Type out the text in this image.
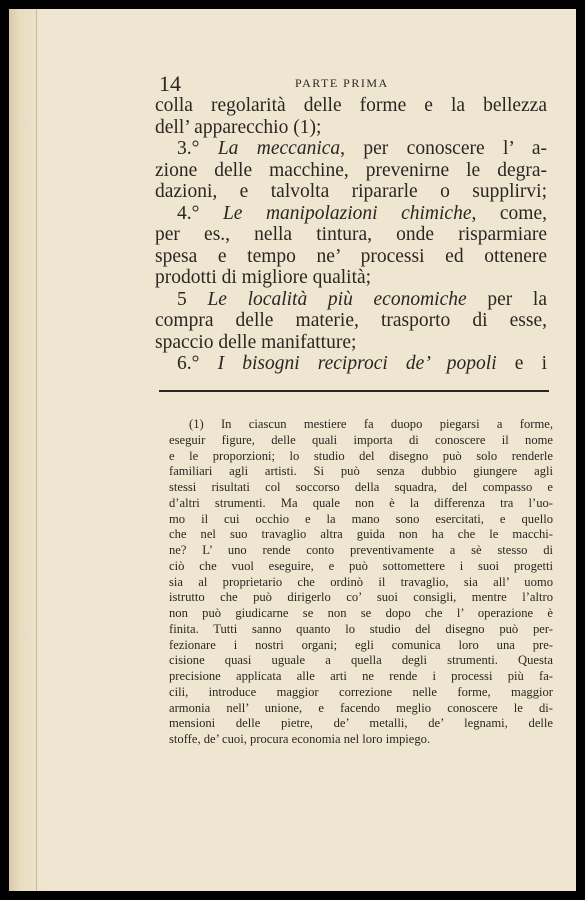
14	PARTE PRIMA
colla regolarità delle forme e la bellezza
dell’ apparecchio (1);
3.° La meccanica, per conoscere l’ a-
zione delle macchine, prevenirne le degra-
dazioni, e talvolta ripararle o supplirvi;
4.° Le manipolazioni chimiche, come,
per es., nella tintura, onde risparmiare
spesa e tempo ne’ processi ed ottenere
prodotti di migliore qualità;
5 Le località più economiche per la
compra delle materie, trasporto di esse,
spaccio delle manifatture;
6.° I bisogni reciproci de’ popoli e i
(1) In ciascun mestiere fa duopo piegarsi a forme,
eseguir figure, delle quali importa di conoscere il nome
e le proporzioni; lo studio del disegno può solo renderle
familiari agli artisti. Si può senza dubbio giungere agli
stessi risultati col soccorso della squadra, del compasso e
d’altri strumenti. Ma quale non è la differenza tra l’uo-
mo il cui occhio e la mano sono esercitati, e quello
che nel suo travaglio altra guida non ha che le macchi-
ne? L’ uno rende conto preventivamente a sè stesso di
ciò che vuol eseguire, e può sottomettere i suoi progetti
sia al proprietario che ordinò il travaglio, sia all’ uomo
istrutto che può dirigerlo co’ suoi consigli, mentre l’altro
non può giudicarne se non se dopo che l’ operazione è
finita. Tutti sanno quanto lo studio del disegno può per-
fezionare i nostri organi; egli comunica loro una pre-
cisione quasi uguale a quella degli strumenti. Questa
precisione applicata alle arti ne rende i processi più fa-
cili, introduce maggior correzione nelle forme, maggior
armonia nell’ unione, e facendo meglio conoscere le di-
mensioni delle pietre, de’ metalli, de’ legnami, delle
stoffe, de’ cuoi, procura economia nel loro impiego.
